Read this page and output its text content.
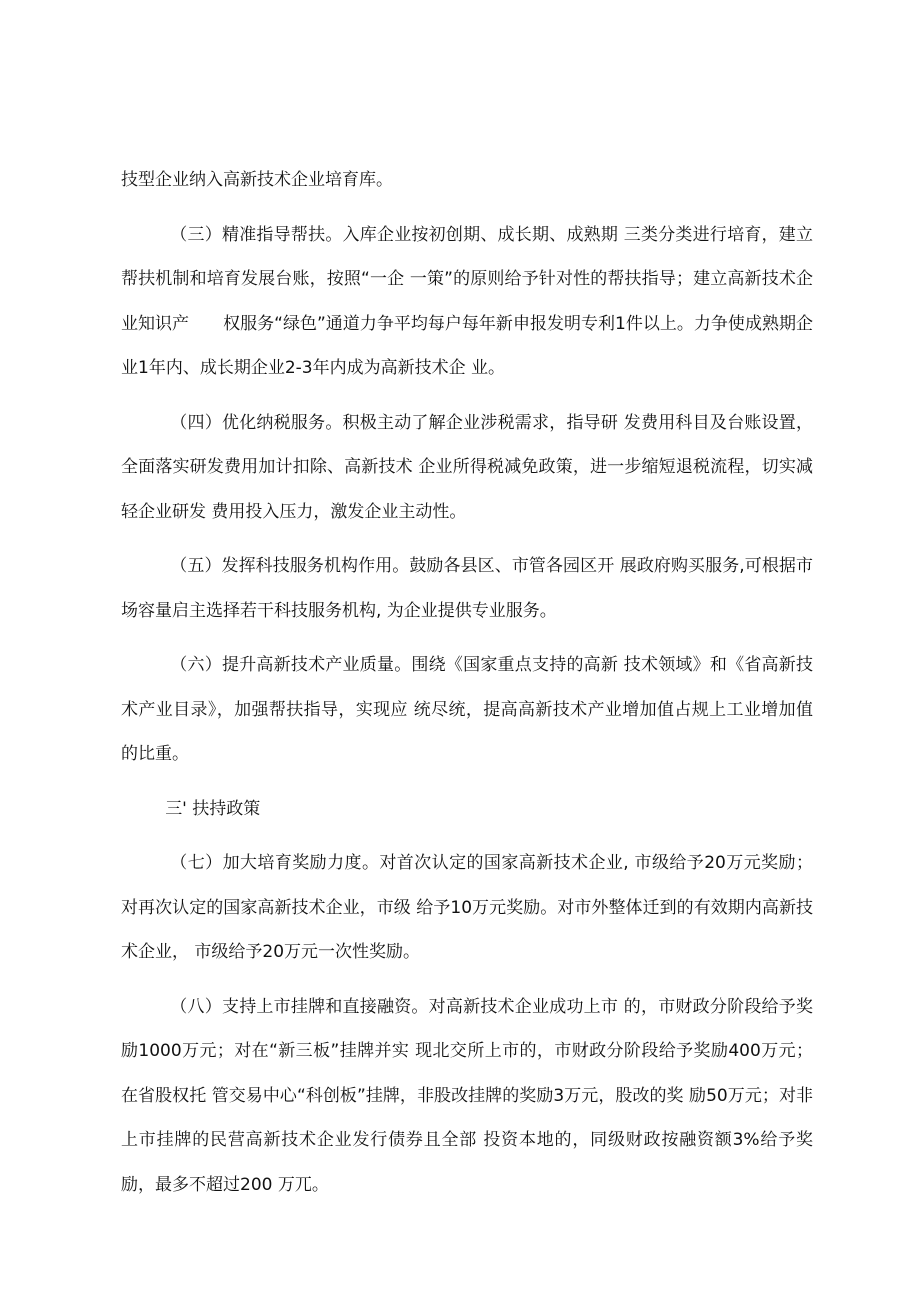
技型企业纳入高新技术企业培育库。

（三）精准指导帮扶。入库企业按初创期、成长期、成熟期 三类分类进行培育，建立帮扶机制和培育发展台账，按照“一企 一策”的原则给予针对性的帮扶指导；建立高新技术企业知识产　　权服务“绿色”通道力争平均每户每年新申报发明专利1件以上。力争使成熟期企业1年内、成长期企业2-3年内成为高新技术企 业。

（四）优化纳税服务。积极主动了解企业涉税需求，指导研 发费用科目及台账设置，全面落实研发费用加计扣除、高新技术 企业所得税减免政策，进一步缩短退税流程，切实减轻企业研发 费用投入压力，激发企业主动性。

（五）发挥科技服务机构作用。鼓励各县区、市管各园区开 展政府购买服务,可根据市场容量启主选择若干科技服务机构, 为企业提供专业服务。

（六）提升高新技术产业质量。围绕《国家重点支持的高新 技术领域》和《省高新技术产业目录》，加强帮扶指导，实现应 统尽统，提高高新技术产业增加值占规上工业增加值的比重。

三' 扶持政策

（七）加大培育奖励力度。对首次认定的国家高新技术企业, 市级给予20万元奖励；对再次认定的国家高新技术企业，市级 给予10万元奖励。对市外整体迁到的有效期内高新技术企业， 市级给予20万元一次性奖励。

（八）支持上市挂牌和直接融资。对高新技术企业成功上市 的，市财政分阶段给予奖励1000万元；对在“新三板”挂牌并实 现北交所上市的，市财政分阶段给予奖励400万元；在省股权托 管交易中心“科创板”挂牌，非股改挂牌的奖励3万元，股改的奖 励50万元；对非上市挂牌的民营高新技术企业发行债券且全部 投资本地的，同级财政按融资额3%给予奖励，最多不超过200 万兀。
